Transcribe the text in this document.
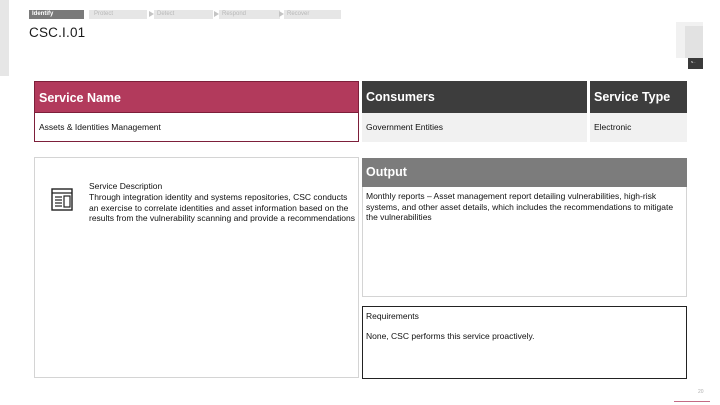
Identify	Protect	Detect	Respond	Recover
CSC.I.01
S...
Service Name	Consumers	Service Type
Assets & Identities Management	Government Entities	Electronic
Service Description
Through integration identity and systems repositories, CSC conducts an exercise to correlate identities and asset information based on the results from the vulnerability scanning and provide a recommendations
Output
Monthly reports – Asset management report detailing vulnerabilities, high-risk systems, and other asset details, which includes the recommendations to mitigate the vulnerabilities
Requirements
None, CSC performs this service proactively.
20
